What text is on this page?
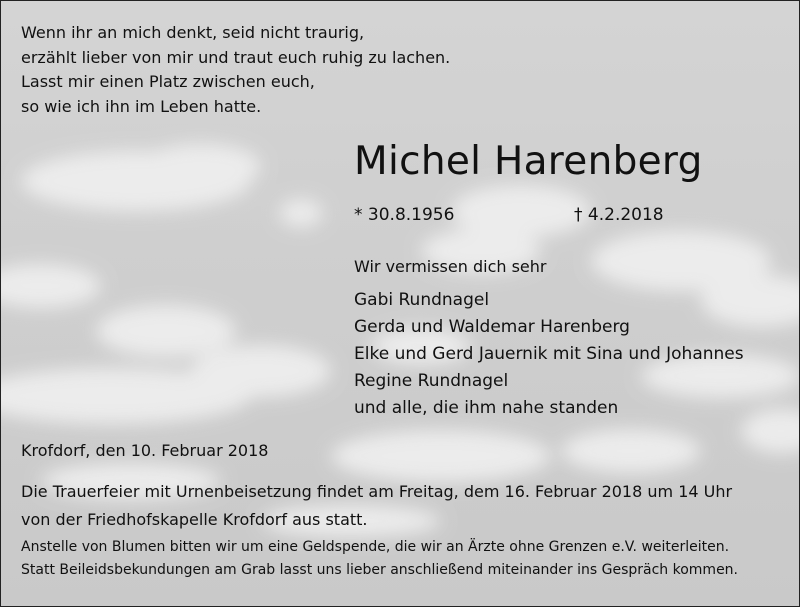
Wenn ihr an mich denkt, seid nicht traurig,
erzählt lieber von mir und traut euch ruhig zu lachen.
Lasst mir einen Platz zwischen euch,
so wie ich ihn im Leben hatte.
Michel Harenberg
* 30.8.1956	† 4.2.2018
Wir vermissen dich sehr
Gabi Rundnagel
Gerda und Waldemar Harenberg
Elke und Gerd Jauernik mit Sina und Johannes
Regine Rundnagel
und alle, die ihm nahe standen
Krofdorf, den 10. Februar 2018
Die Trauerfeier mit Urnenbeisetzung findet am Freitag, dem 16. Februar 2018 um 14 Uhr
von der Friedhofskapelle Krofdorf aus statt.
Anstelle von Blumen bitten wir um eine Geldspende, die wir an Ärzte ohne Grenzen e.V. weiterleiten.
Statt Beileidsbekundungen am Grab lasst uns lieber anschließend miteinander ins Gespräch kommen.
